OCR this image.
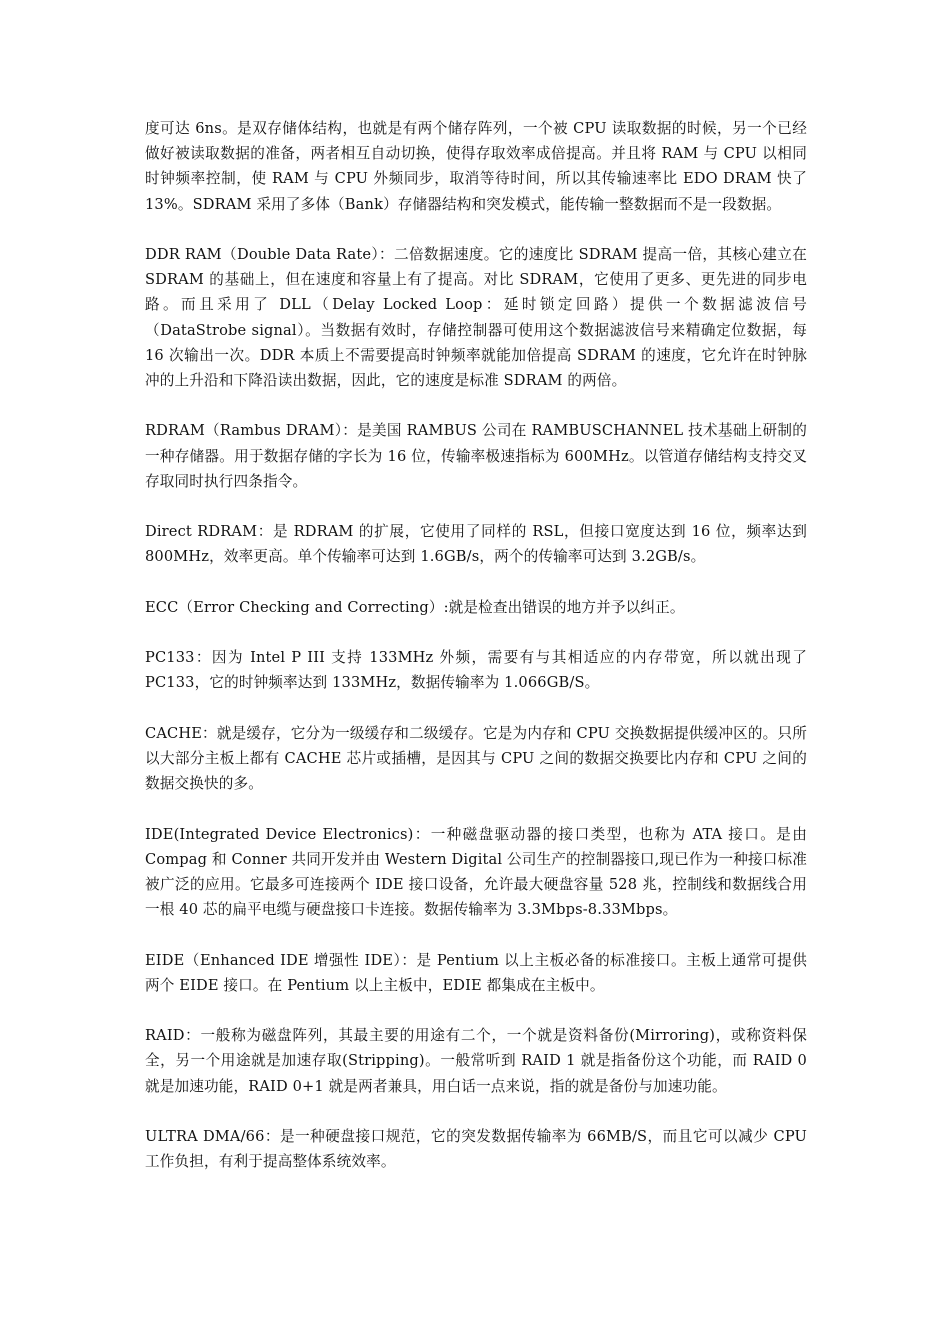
度可达 6ns。是双存储体结构，也就是有两个储存阵列，一个被 CPU 读取数据的时候，另一个已经做好被读取数据的准备，两者相互自动切换，使得存取效率成倍提高。并且将 RAM 与 CPU 以相同时钟频率控制，使 RAM 与 CPU 外频同步，取消等待时间，所以其传输速率比 EDO DRAM 快了 13%。SDRAM 采用了多体（Bank）存储器结构和突发模式，能传输一整数据而不是一段数据。

DDR RAM（Double Data Rate）：二倍数据速度。它的速度比 SDRAM 提高一倍，其核心建立在 SDRAM 的基础上，但在速度和容量上有了提高。对比 SDRAM，它使用了更多、更先进的同步电路。而且采用了 DLL（Delay Locked Loop：延时锁定回路）提供一个数据滤波信号（DataStrobe signal）。当数据有效时，存储控制器可使用这个数据滤波信号来精确定位数据，每 16 次输出一次。DDR 本质上不需要提高时钟频率就能加倍提高 SDRAM 的速度，它允许在时钟脉冲的上升沿和下降沿读出数据，因此，它的速度是标准 SDRAM 的两倍。

RDRAM（Rambus DRAM）：是美国 RAMBUS 公司在 RAMBUSCHANNEL 技术基础上研制的一种存储器。用于数据存储的字长为 16 位，传输率极速指标为 600MHz。以管道存储结构支持交叉存取同时执行四条指令。

Direct RDRAM：是 RDRAM 的扩展，它使用了同样的 RSL，但接口宽度达到 16 位，频率达到 800MHz，效率更高。单个传输率可达到 1.6GB/s，两个的传输率可达到 3.2GB/s。

ECC（Error Checking and Correcting）:就是检查出错误的地方并予以纠正。

PC133：因为 Intel P III 支持 133MHz 外频，需要有与其相适应的内存带宽，所以就出现了 PC133，它的时钟频率达到 133MHz，数据传输率为 1.066GB/S。

CACHE：就是缓存，它分为一级缓存和二级缓存。它是为内存和 CPU 交换数据提供缓冲区的。只所以大部分主板上都有 CACHE 芯片或插槽，是因其与 CPU 之间的数据交换要比内存和 CPU 之间的数据交换快的多。

IDE(Integrated Device Electronics)：一种磁盘驱动器的接口类型，也称为 ATA 接口。是由 Compag 和 Conner 共同开发并由 Western Digital 公司生产的控制器接口,现已作为一种接口标准被广泛的应用。它最多可连接两个 IDE 接口设备，允许最大硬盘容量 528 兆，控制线和数据线合用一根 40 芯的扁平电缆与硬盘接口卡连接。数据传输率为 3.3Mbps-8.33Mbps。

EIDE（Enhanced IDE 增强性 IDE）：是 Pentium 以上主板必备的标准接口。主板上通常可提供两个 EIDE 接口。在 Pentium 以上主板中，EDIE 都集成在主板中。

RAID：一般称为磁盘阵列，其最主要的用途有二个，一个就是资料备份(Mirroring)，或称资料保全，另一个用途就是加速存取(Stripping)。一般常听到 RAID 1 就是指备份这个功能，而 RAID 0 就是加速功能，RAID 0+1 就是两者兼具，用白话一点来说，指的就是备份与加速功能。

ULTRA DMA/66：是一种硬盘接口规范，它的突发数据传输率为 66MB/S，而且它可以减少 CPU 工作负担，有利于提高整体系统效率。
